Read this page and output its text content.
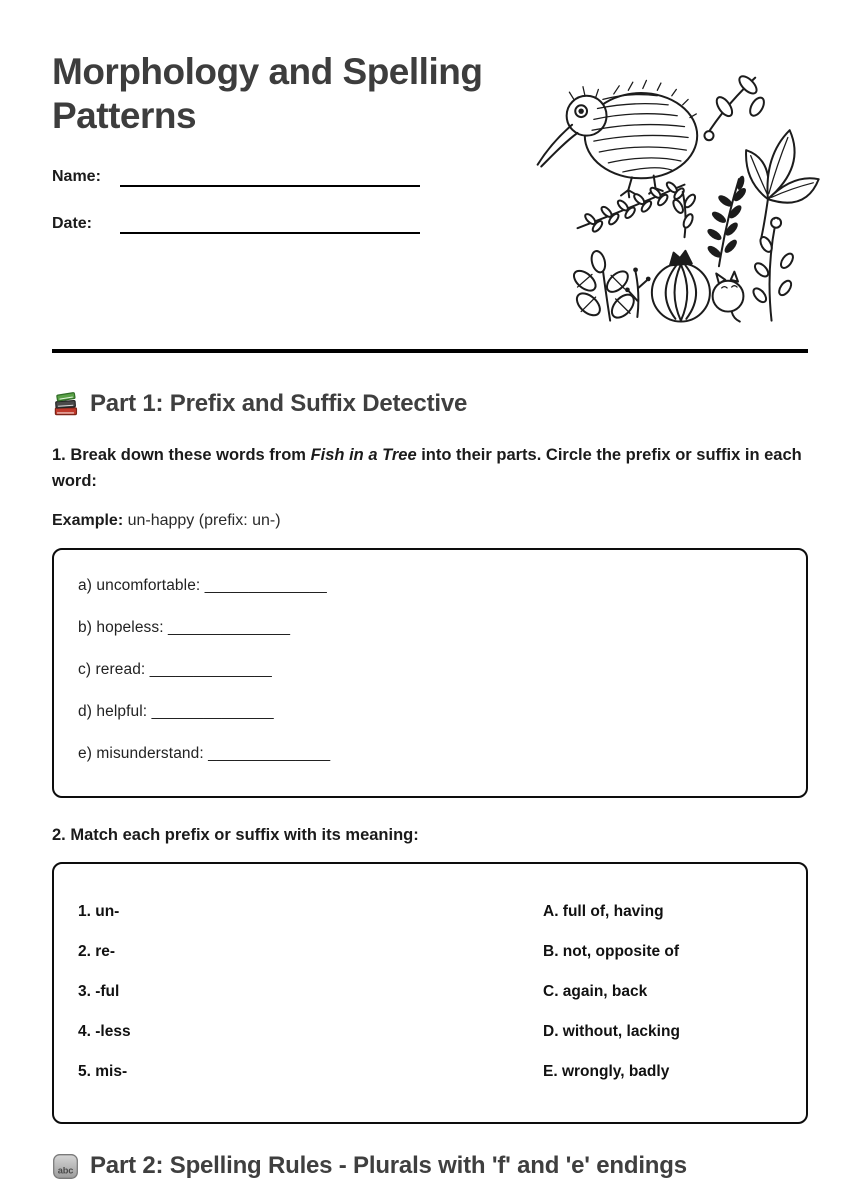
Morphology and Spelling Patterns
Name:
Date:
Part 1: Prefix and Suffix Detective

1. Break down these words from Fish in a Tree into their parts. Circle the prefix or suffix in each word:

Example: un-happy (prefix: un-)

a) uncomfortable: ______________
b) hopeless: ______________
c) reread: ______________
d) helpful: ______________
e) misunderstand: ______________

2. Match each prefix or suffix with its meaning:

1. un-	A. full of, having
2. re-	B. not, opposite of
3. -ful	C. again, back
4. -less	D. without, lacking
5. mis-	E. wrongly, badly
abc Part 2: Spelling Rules - Plurals with 'f' and 'e' endings
